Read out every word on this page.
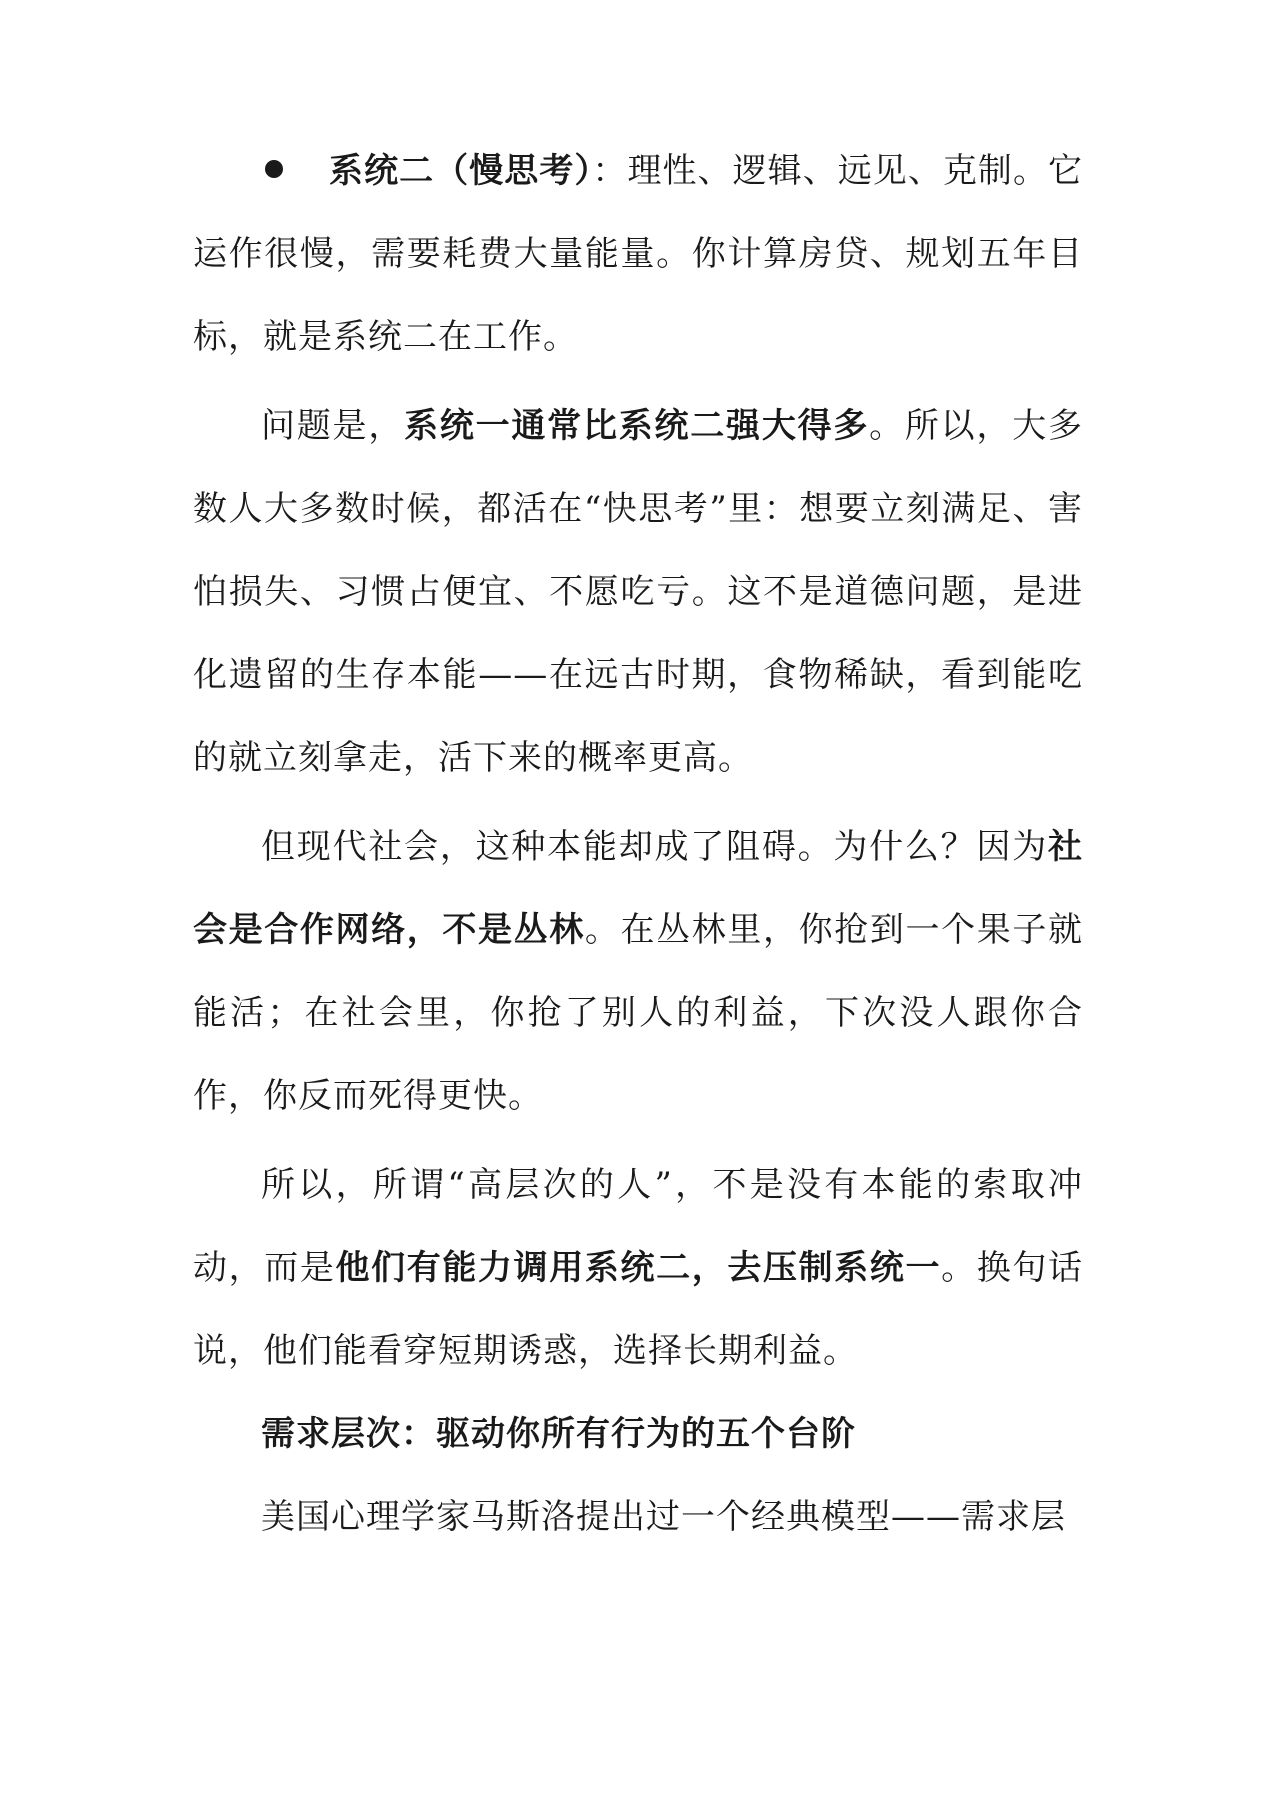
系统二（慢思考）：理性、逻辑、远见、克制。它运作很慢，需要耗费大量能量。你计算房贷、规划五年目标，就是系统二在工作。

问题是，系统一通常比系统二强大得多。所以，大多数人大多数时候，都活在“快思考”里：想要立刻满足、害怕损失、习惯占便宜、不愿吃亏。这不是道德问题，是进化遗留的生存本能——在远古时期，食物稀缺，看到能吃的就立刻拿走，活下来的概率更高。

但现代社会，这种本能却成了阻碍。为什么？因为社会是合作网络，不是丛林。在丛林里，你抢到一个果子就能活；在社会里，你抢了别人的利益，下次没人跟你合作，你反而死得更快。

所以，所谓“高层次的人”，不是没有本能的索取冲动，而是他们有能力调用系统二，去压制系统一。换句话说，他们能看穿短期诱惑，选择长期利益。

需求层次：驱动你所有行为的五个台阶

美国心理学家马斯洛提出过一个经典模型——需求层
